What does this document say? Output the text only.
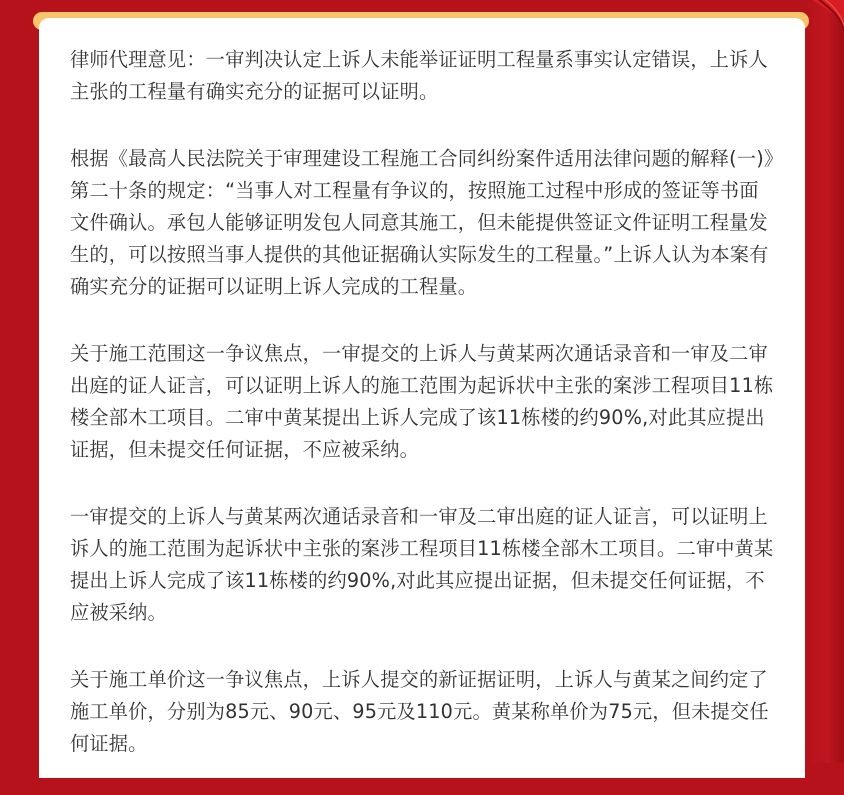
律师代理意见：一审判决认定上诉人未能举证证明工程量系事实认定错误，上诉人主张的工程量有确实充分的证据可以证明。

根据《最高人民法院关于审理建设工程施工合同纠纷案件适用法律问题的解释(一)》第二十条的规定：“当事人对工程量有争议的，按照施工过程中形成的签证等书面文件确认。承包人能够证明发包人同意其施工，但未能提供签证文件证明工程量发生的，可以按照当事人提供的其他证据确认实际发生的工程量。”上诉人认为本案有确实充分的证据可以证明上诉人完成的工程量。

关于施工范围这一争议焦点，一审提交的上诉人与黄某两次通话录音和一审及二审出庭的证人证言，可以证明上诉人的施工范围为起诉状中主张的案涉工程项目11栋楼全部木工项目。二审中黄某提出上诉人完成了该11栋楼的约90%,对此其应提出证据，但未提交任何证据，不应被采纳。

一审提交的上诉人与黄某两次通话录音和一审及二审出庭的证人证言，可以证明上诉人的施工范围为起诉状中主张的案涉工程项目11栋楼全部木工项目。二审中黄某提出上诉人完成了该11栋楼的约90%,对此其应提出证据，但未提交任何证据，不应被采纳。

关于施工单价这一争议焦点，上诉人提交的新证据证明，上诉人与黄某之间约定了施工单价，分别为85元、90元、95元及110元。黄某称单价为75元，但未提交任何证据。
